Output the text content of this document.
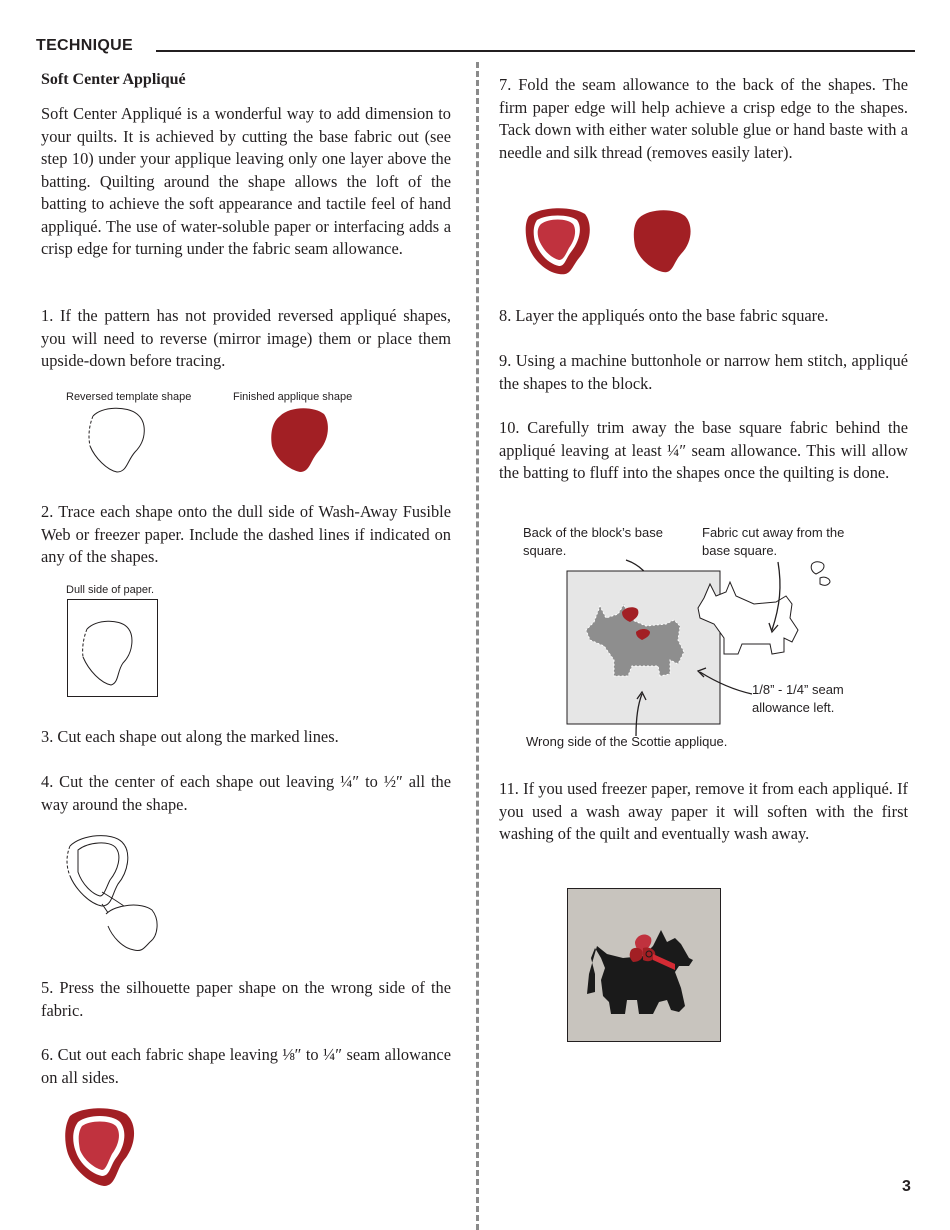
TECHNIQUE

Soft Center Appliqué

Soft Center Appliqué is a wonderful way to add dimension to your quilts. It is achieved by cutting the base fabric out (see step 10) under your applique leaving only one layer above the batting. Quilting around the shape allows the loft of the batting to achieve the soft appearance and tactile feel of hand appliqué. The use of water-soluble paper or interfacing adds a crisp edge for turning under the fabric seam allowance.

1. If the pattern has not provided reversed appliqué shapes, you will need to reverse (mirror image) them or place them upside-down before tracing.

Reversed template shape	Finished applique shape

2. Trace each shape onto the dull side of Wash-Away Fusible Web or freezer paper. Include the dashed lines if indicated on any of the shapes.

Dull side of paper.

3. Cut each shape out along the marked lines.

4. Cut the center of each shape out leaving ¼″ to ½″ all the way around the shape.

5. Press the silhouette paper shape on the wrong side of the fabric.

6. Cut out each fabric shape leaving ⅛″ to ¼″ seam allowance on all sides.

7. Fold the seam allowance to the back of the shapes. The firm paper edge will help achieve a crisp edge to the shapes. Tack down with either water soluble glue or hand baste with a needle and silk thread (removes easily later).

8. Layer the appliqués onto the base fabric square.

9. Using a machine buttonhole or narrow hem stitch, appliqué the shapes to the block.

10. Carefully trim away the base square fabric behind the appliqué leaving at least ¼″ seam allowance. This will allow the batting to fluff into the shapes once the quilting is done.

Back of the block’s base square.
Fabric cut away from the base square.
1/8” - 1/4” seam allowance left.
Wrong side of the Scottie applique.

11. If you used freezer paper, remove it from each appliqué. If you used a wash away paper it will soften with the first washing of the quilt and eventually wash away.

3
